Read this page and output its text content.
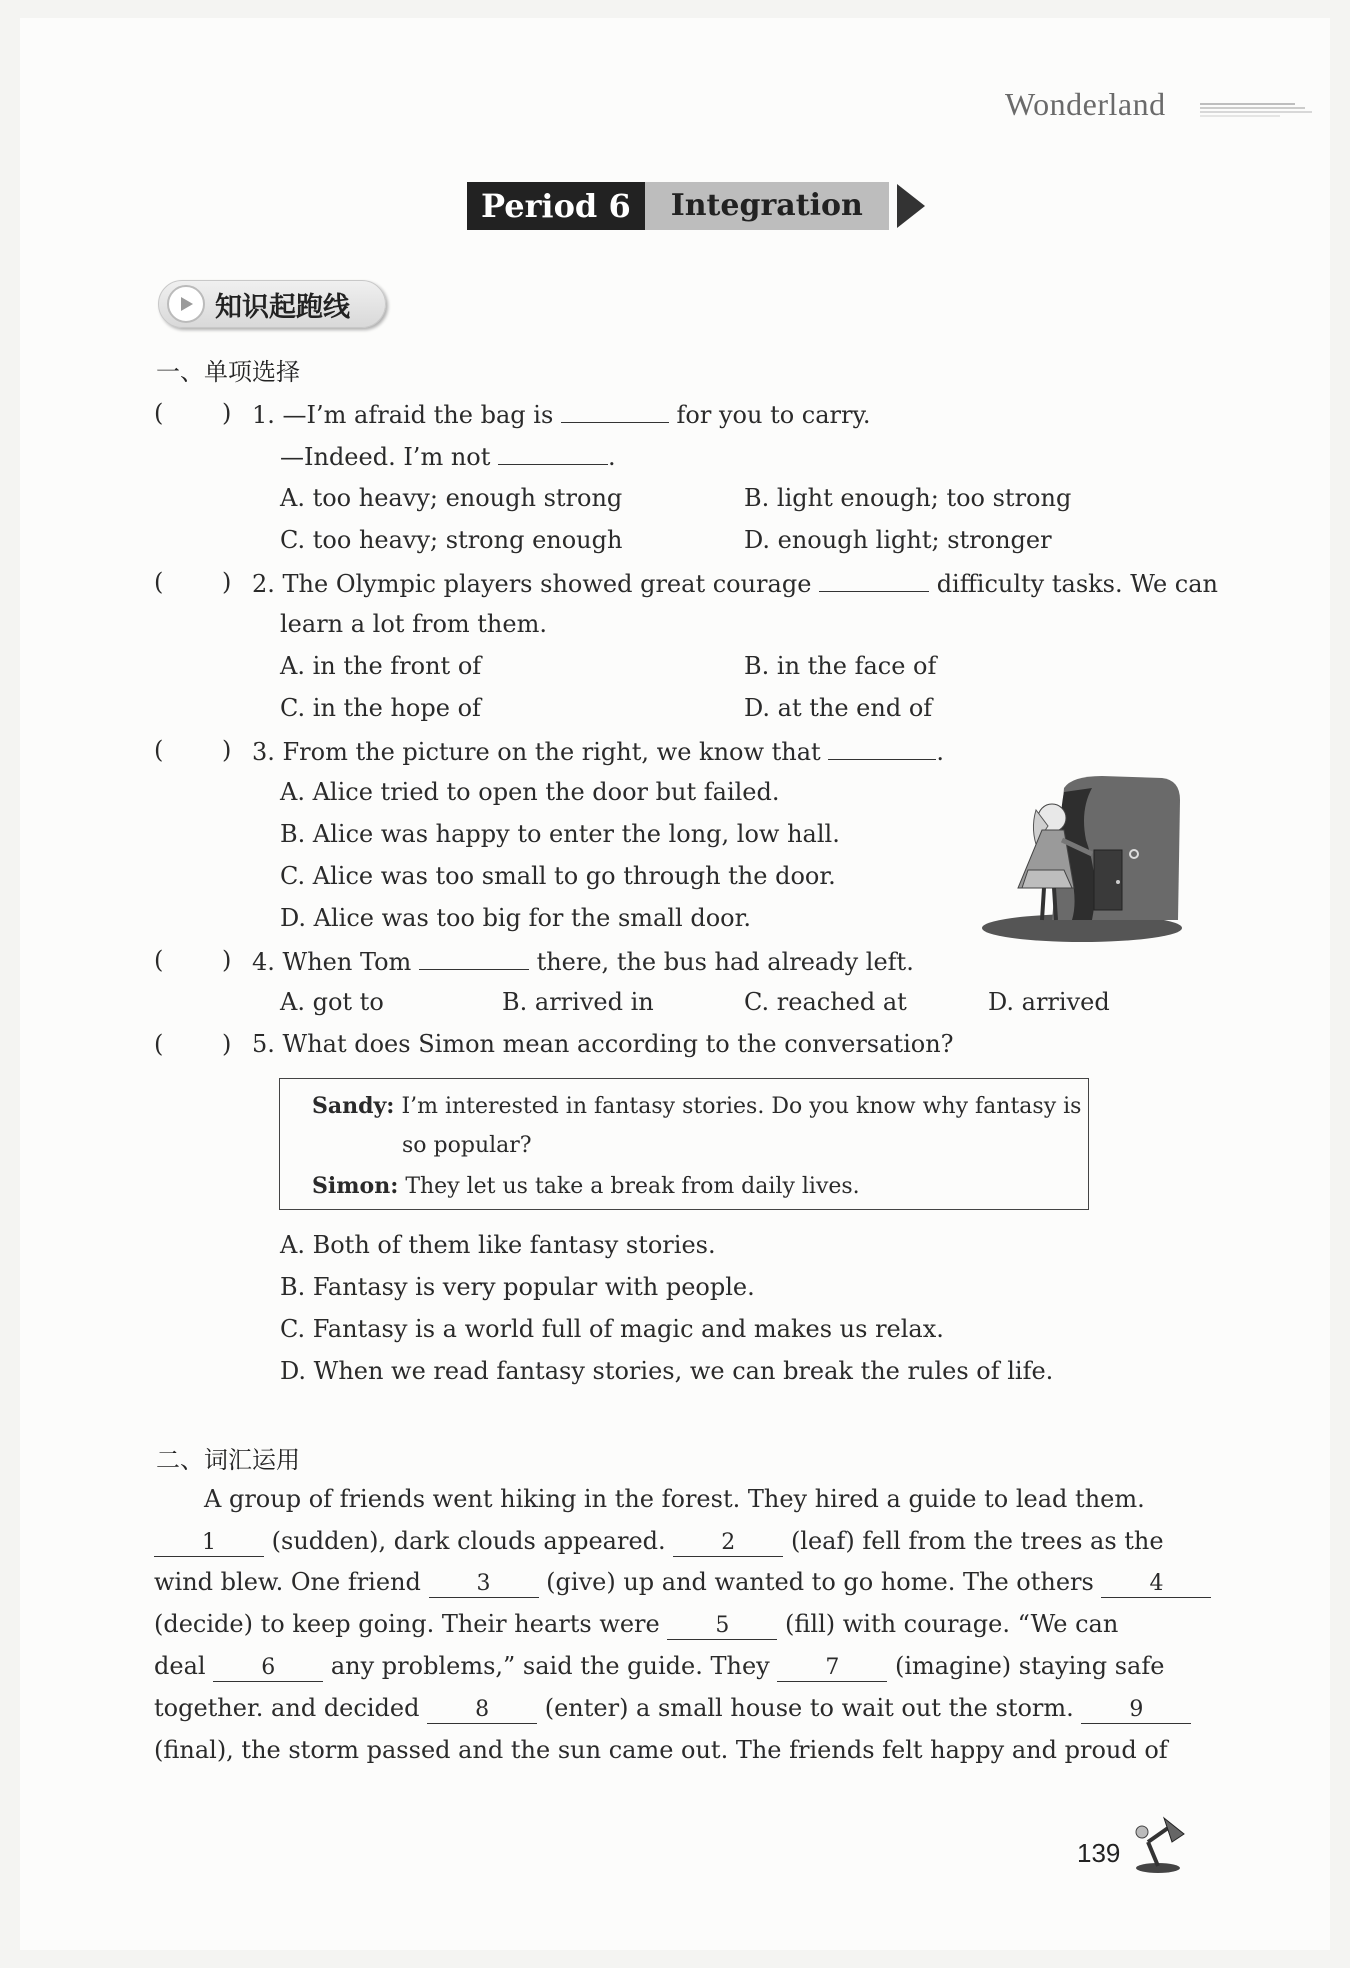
Wonderland
Period 6	Integration
知识起跑线
一、单项选择
( ) 1. —I’m afraid the bag is	for you to carry.
—Indeed. I’m not	.
A. too heavy; enough strong	B. light enough; too strong
C. too heavy; strong enough	D. enough light; stronger
( ) 2. The Olympic players showed great courage	difficulty tasks. We can
learn a lot from them.
A. in the front of	B. in the face of
C. in the hope of	D. at the end of
( ) 3. From the picture on the right, we know that	.
A. Alice tried to open the door but failed.
B. Alice was happy to enter the long, low hall.
C. Alice was too small to go through the door.
D. Alice was too big for the small door.
( ) 4. When Tom	there, the bus had already left.
A. got to	B. arrived in	C. reached at	D. arrived
( ) 5. What does Simon mean according to the conversation?
Sandy: I’m interested in fantasy stories. Do you know why fantasy is
so popular?
Simon: They let us take a break from daily lives.
A. Both of them like fantasy stories.
B. Fantasy is very popular with people.
C. Fantasy is a world full of magic and makes us relax.
D. When we read fantasy stories, we can break the rules of life.
二、词汇运用
A group of friends went hiking in the forest. They hired a guide to lead them.
1 (sudden), dark clouds appeared.	2 (leaf) fell from the trees as the
wind blew. One friend	3 (give) up and wanted to go home. The others	4
(decide) to keep going. Their hearts were	5 (fill) with courage. “We can
deal	6 any problems,” said the guide. They	7 (imagine) staying safe
together. and decided	8 (enter) a small house to wait out the storm.	9
(final), the storm passed and the sun came out. The friends felt happy and proud of
139
